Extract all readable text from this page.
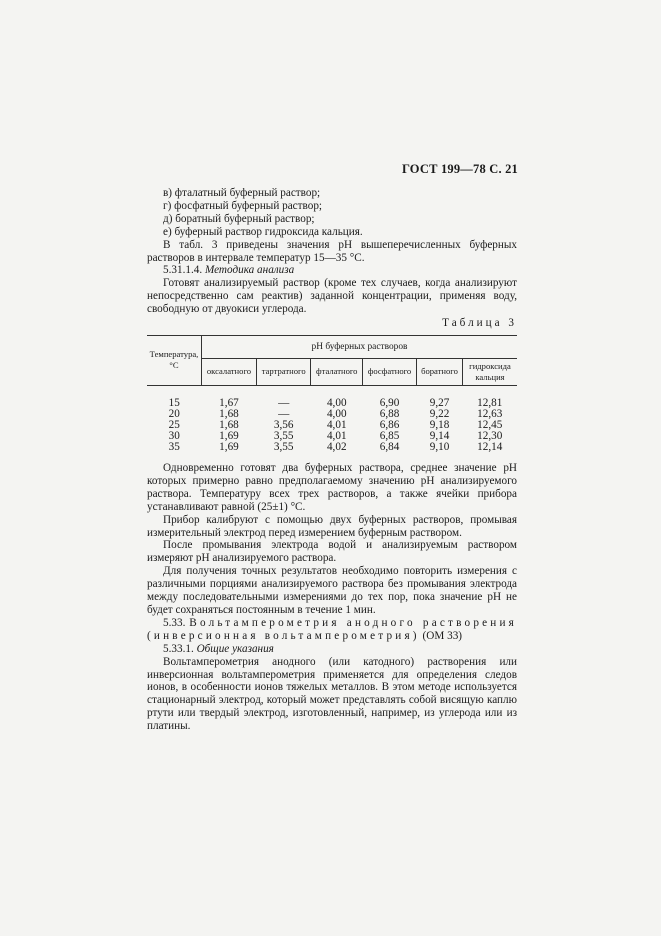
ГОСТ 199—78 С. 21
в) фталатный буферный раствор;
г) фосфатный буферный раствор;
д) боратный буферный раствор;
е) буферный раствор гидроксида кальция.

В табл. 3 приведены значения рН вышеперечисленных буферных растворов в интервале температур 15—35 °С.

5.31.1.4. Методика анализа

Готовят анализируемый раствор (кроме тех случаев, когда анализируют непосредственно сам реактив) заданной концентрации, применяя воду, свободную от двуокиси углерода.

Таблица 3
Температура, °С	рН буферных растворов					
	оксалатного	тартратного	фталатного	фосфатного	боратного	гидроксида кальция
15	1,67	—	4,00	6,90	9,27	12,81
20	1,68	—	4,00	6,88	9,22	12,63
25	1,68	3,56	4,01	6,86	9,18	12,45
30	1,69	3,55	4,01	6,85	9,14	12,30
35	1,69	3,55	4,02	6,84	9,10	12,14

Одновременно готовят два буферных раствора, среднее значение рН которых примерно равно предполагаемому значению рН анализируемого раствора. Температуру всех трех растворов, а также ячейки прибора устанавливают равной (25±1) °С.

Прибор калибруют с помощью двух буферных растворов, промывая измерительный электрод перед измерением буферным раствором.

После промывания электрода водой и анализируемым раствором измеряют рН анализируемого раствора.

Для получения точных результатов необходимо повторить измерения с различными порциями анализируемого раствора без промывания электрода между последовательными измерениями до тех пор, пока значение рН не будет сохраняться постоянным в течение 1 мин.

5.33. Вольтамперометрия анодного растворения (инверсионная вольтамперометрия) (ОМ 33)

5.33.1. Общие указания

Вольтамперометрия анодного (или катодного) растворения или инверсионная вольтамперометрия применяется для определения следов ионов, в особенности ионов тяжелых металлов. В этом методе используется стационарный электрод, который может представлять собой висящую каплю ртути или твердый электрод, изготовленный, например, из углерода или из платины.
